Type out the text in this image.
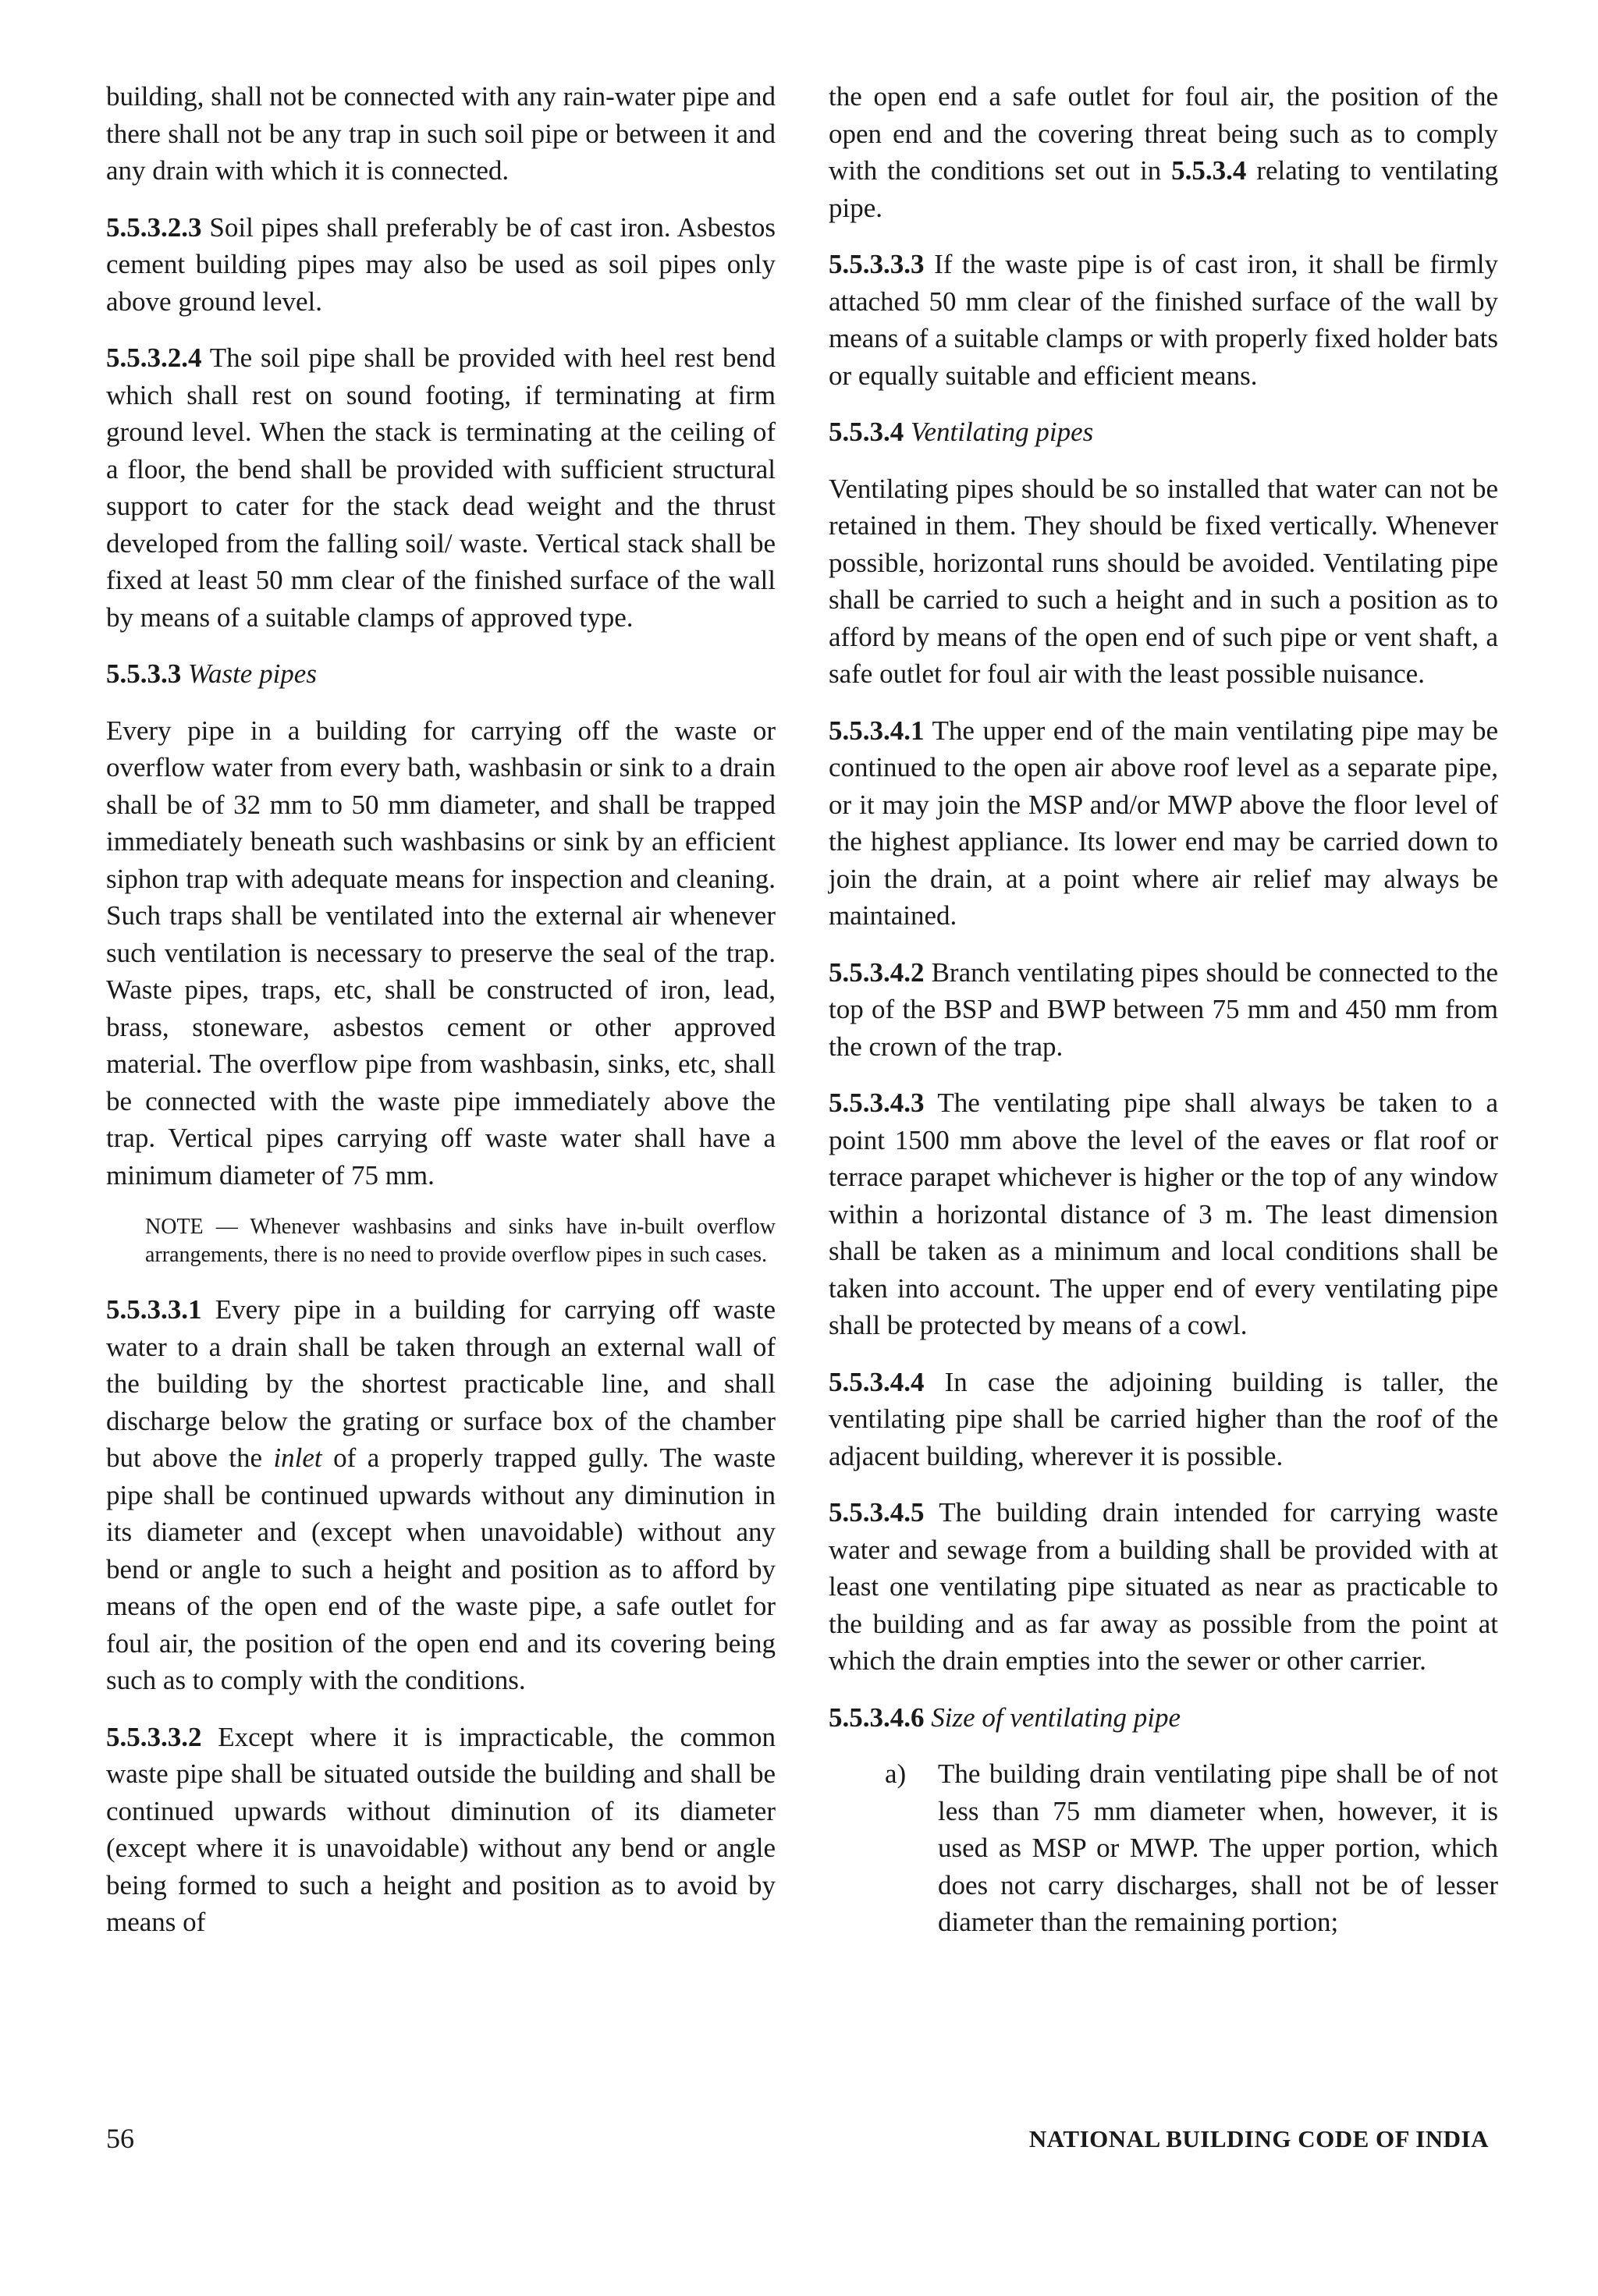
building, shall not be connected with any rain-water pipe and there shall not be any trap in such soil pipe or between it and any drain with which it is connected.

5.5.3.2.3 Soil pipes shall preferably be of cast iron. Asbestos cement building pipes may also be used as soil pipes only above ground level.

5.5.3.2.4 The soil pipe shall be provided with heel rest bend which shall rest on sound footing, if terminating at firm ground level. When the stack is terminating at the ceiling of a floor, the bend shall be provided with sufficient structural support to cater for the stack dead weight and the thrust developed from the falling soil/ waste. Vertical stack shall be fixed at least 50 mm clear of the finished surface of the wall by means of a suitable clamps of approved type.

5.5.3.3 Waste pipes

Every pipe in a building for carrying off the waste or overflow water from every bath, washbasin or sink to a drain shall be of 32 mm to 50 mm diameter, and shall be trapped immediately beneath such washbasins or sink by an efficient siphon trap with adequate means for inspection and cleaning. Such traps shall be ventilated into the external air whenever such ventilation is necessary to preserve the seal of the trap. Waste pipes, traps, etc, shall be constructed of iron, lead, brass, stoneware, asbestos cement or other approved material. The overflow pipe from washbasin, sinks, etc, shall be connected with the waste pipe immediately above the trap. Vertical pipes carrying off waste water shall have a minimum diameter of 75 mm.

NOTE — Whenever washbasins and sinks have in-built overflow arrangements, there is no need to provide overflow pipes in such cases.

5.5.3.3.1 Every pipe in a building for carrying off waste water to a drain shall be taken through an external wall of the building by the shortest practicable line, and shall discharge below the grating or surface box of the chamber but above the inlet of a properly trapped gully. The waste pipe shall be continued upwards without any diminution in its diameter and (except when unavoidable) without any bend or angle to such a height and position as to afford by means of the open end of the waste pipe, a safe outlet for foul air, the position of the open end and its covering being such as to comply with the conditions.

5.5.3.3.2 Except where it is impracticable, the common waste pipe shall be situated outside the building and shall be continued upwards without diminution of its diameter (except where it is unavoidable) without any bend or angle being formed to such a height and position as to avoid by means of

the open end a safe outlet for foul air, the position of the open end and the covering threat being such as to comply with the conditions set out in 5.5.3.4 relating to ventilating pipe.

5.5.3.3.3 If the waste pipe is of cast iron, it shall be firmly attached 50 mm clear of the finished surface of the wall by means of a suitable clamps or with properly fixed holder bats or equally suitable and efficient means.

5.5.3.4 Ventilating pipes

Ventilating pipes should be so installed that water can not be retained in them. They should be fixed vertically. Whenever possible, horizontal runs should be avoided. Ventilating pipe shall be carried to such a height and in such a position as to afford by means of the open end of such pipe or vent shaft, a safe outlet for foul air with the least possible nuisance.

5.5.3.4.1 The upper end of the main ventilating pipe may be continued to the open air above roof level as a separate pipe, or it may join the MSP and/or MWP above the floor level of the highest appliance. Its lower end may be carried down to join the drain, at a point where air relief may always be maintained.

5.5.3.4.2 Branch ventilating pipes should be connected to the top of the BSP and BWP between 75 mm and 450 mm from the crown of the trap.

5.5.3.4.3 The ventilating pipe shall always be taken to a point 1500 mm above the level of the eaves or flat roof or terrace parapet whichever is higher or the top of any window within a horizontal distance of 3 m. The least dimension shall be taken as a minimum and local conditions shall be taken into account. The upper end of every ventilating pipe shall be protected by means of a cowl.

5.5.3.4.4 In case the adjoining building is taller, the ventilating pipe shall be carried higher than the roof of the adjacent building, wherever it is possible.

5.5.3.4.5 The building drain intended for carrying waste water and sewage from a building shall be provided with at least one ventilating pipe situated as near as practicable to the building and as far away as possible from the point at which the drain empties into the sewer or other carrier.

5.5.3.4.6 Size of ventilating pipe

a) The building drain ventilating pipe shall be of not less than 75 mm diameter when, however, it is used as MSP or MWP. The upper portion, which does not carry discharges, shall not be of lesser diameter than the remaining portion;

56	NATIONAL BUILDING CODE OF INDIA
